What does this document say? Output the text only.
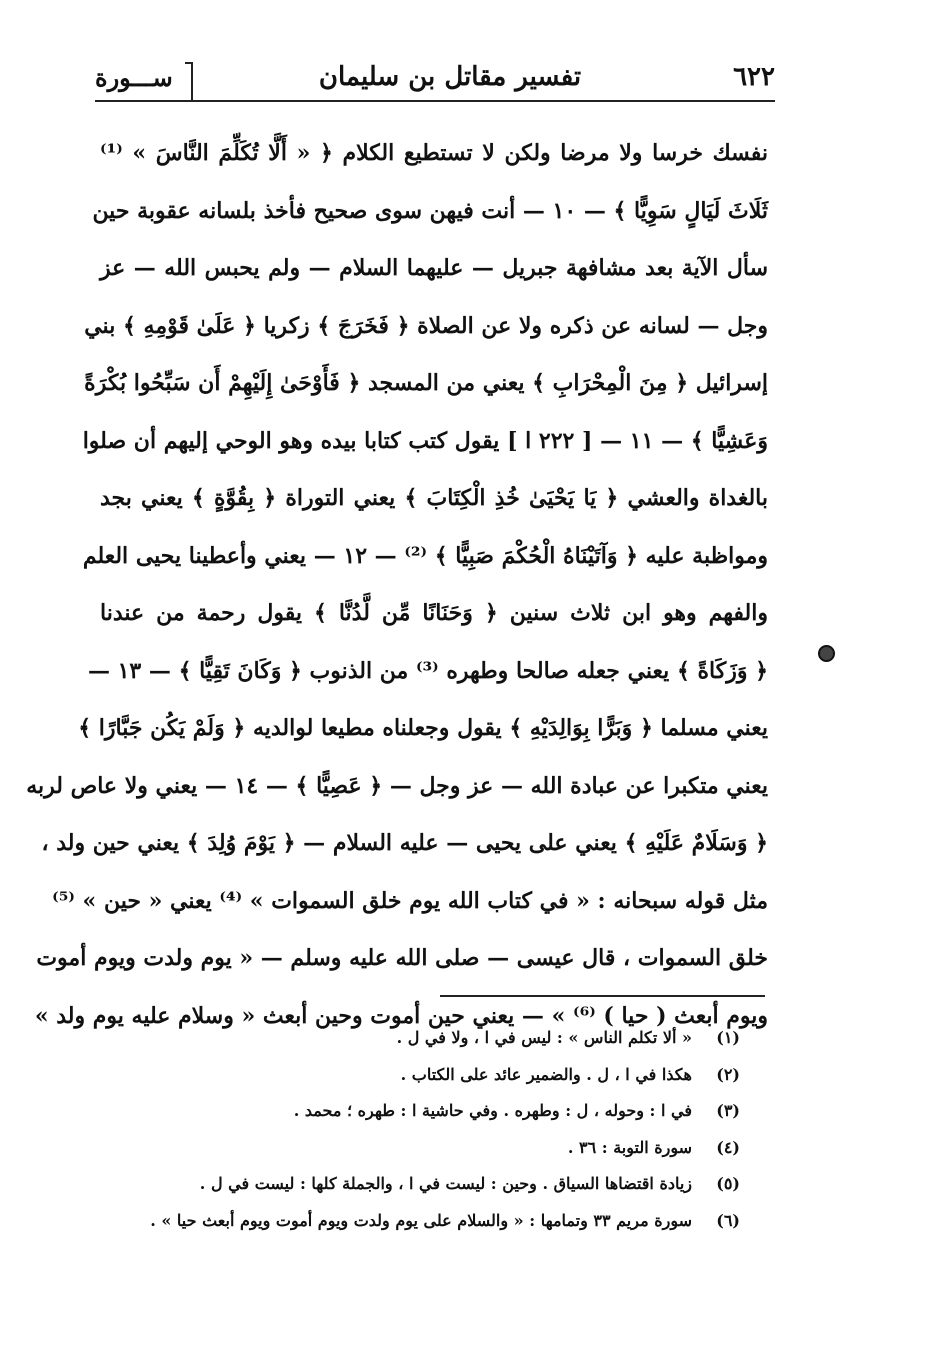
٦٢٢
تفسير مقاتل بن سليمان
ســـورة
نفسك خرسا ولا مرضا ولكن لا تستطيع الكلام ﴿ « أَلَّا تُكَلِّمَ النَّاسَ » ⁽¹⁾
ثَلَاثَ لَيَالٍ سَوِيًّا ﴾ — ١٠ — أنت فيهن سوى صحيح فأخذ بلسانه عقوبة حين
سأل الآية بعد مشافهة جبريل — عليهما السلام — ولم يحبس الله — عز
وجل — لسانه عن ذكره ولا عن الصلاة ﴿ فَخَرَجَ ﴾ زكريا ﴿ عَلَىٰ قَوْمِهِ ﴾ بني
إسرائيل ﴿ مِنَ الْمِحْرَابِ ﴾ يعني من المسجد ﴿ فَأَوْحَىٰ إِلَيْهِمْ أَن سَبِّحُوا بُكْرَةً
وَعَشِيًّا ﴾ — ١١ — [ ٢٢٢ ا ] يقول كتب كتابا بيده وهو الوحي إليهم أن صلوا
بالغداة والعشي ﴿ يَا يَحْيَىٰ خُذِ الْكِتَابَ ﴾ يعني التوراة ﴿ بِقُوَّةٍ ﴾ يعني بجد
ومواظبة عليه ﴿ وَآتَيْنَاهُ الْحُكْمَ صَبِيًّا ﴾ ⁽²⁾ — ١٢ — يعني وأعطينا يحيى العلم
والفهم وهو ابن ثلاث سنين ﴿ وَحَنَانًا مِّن لَّدُنَّا ﴾ يقول رحمة من عندنا
﴿ وَزَكَاةً ﴾ يعني جعله صالحا وطهره ⁽³⁾ من الذنوب ﴿ وَكَانَ تَقِيًّا ﴾ — ١٣ —
يعني مسلما ﴿ وَبَرًّا بِوَالِدَيْهِ ﴾ يقول وجعلناه مطيعا لوالديه ﴿ وَلَمْ يَكُن جَبَّارًا ﴾
يعني متكبرا عن عبادة الله — عز وجل — ﴿ عَصِيًّا ﴾ — ١٤ — يعني ولا عاص لربه
﴿ وَسَلَامٌ عَلَيْهِ ﴾ يعني على يحيى — عليه السلام — ﴿ يَوْمَ وُلِدَ ﴾ يعني حين ولد ،
مثل قوله سبحانه : « في كتاب الله يوم خلق السموات » ⁽⁴⁾ يعني « حين » ⁽⁵⁾
خلق السموات ، قال عيسى — صلى الله عليه وسلم — « يوم ولدت ويوم أموت
ويوم أبعث ( حيا ) ⁽⁶⁾ » — يعني حين أموت وحين أبعث « وسلام عليه يوم ولد »
(١)
« ألا تكلم الناس » : ليس في ا ، ولا في ل .
(٢)
هكذا في ا ، ل . والضمير عائد على الكتاب .
(٣)
في ا : وحوله ، ل : وطهره . وفي حاشية ا : طهره ؛ محمد .
(٤)
سورة التوبة : ٣٦ .
(٥)
زيادة اقتضاها السياق . وحين : ليست في ا ، والجملة كلها : ليست في ل .
(٦)
سورة مريم ٣٣ وتمامها : « والسلام على يوم ولدت ويوم أموت ويوم أبعث حيا » .
